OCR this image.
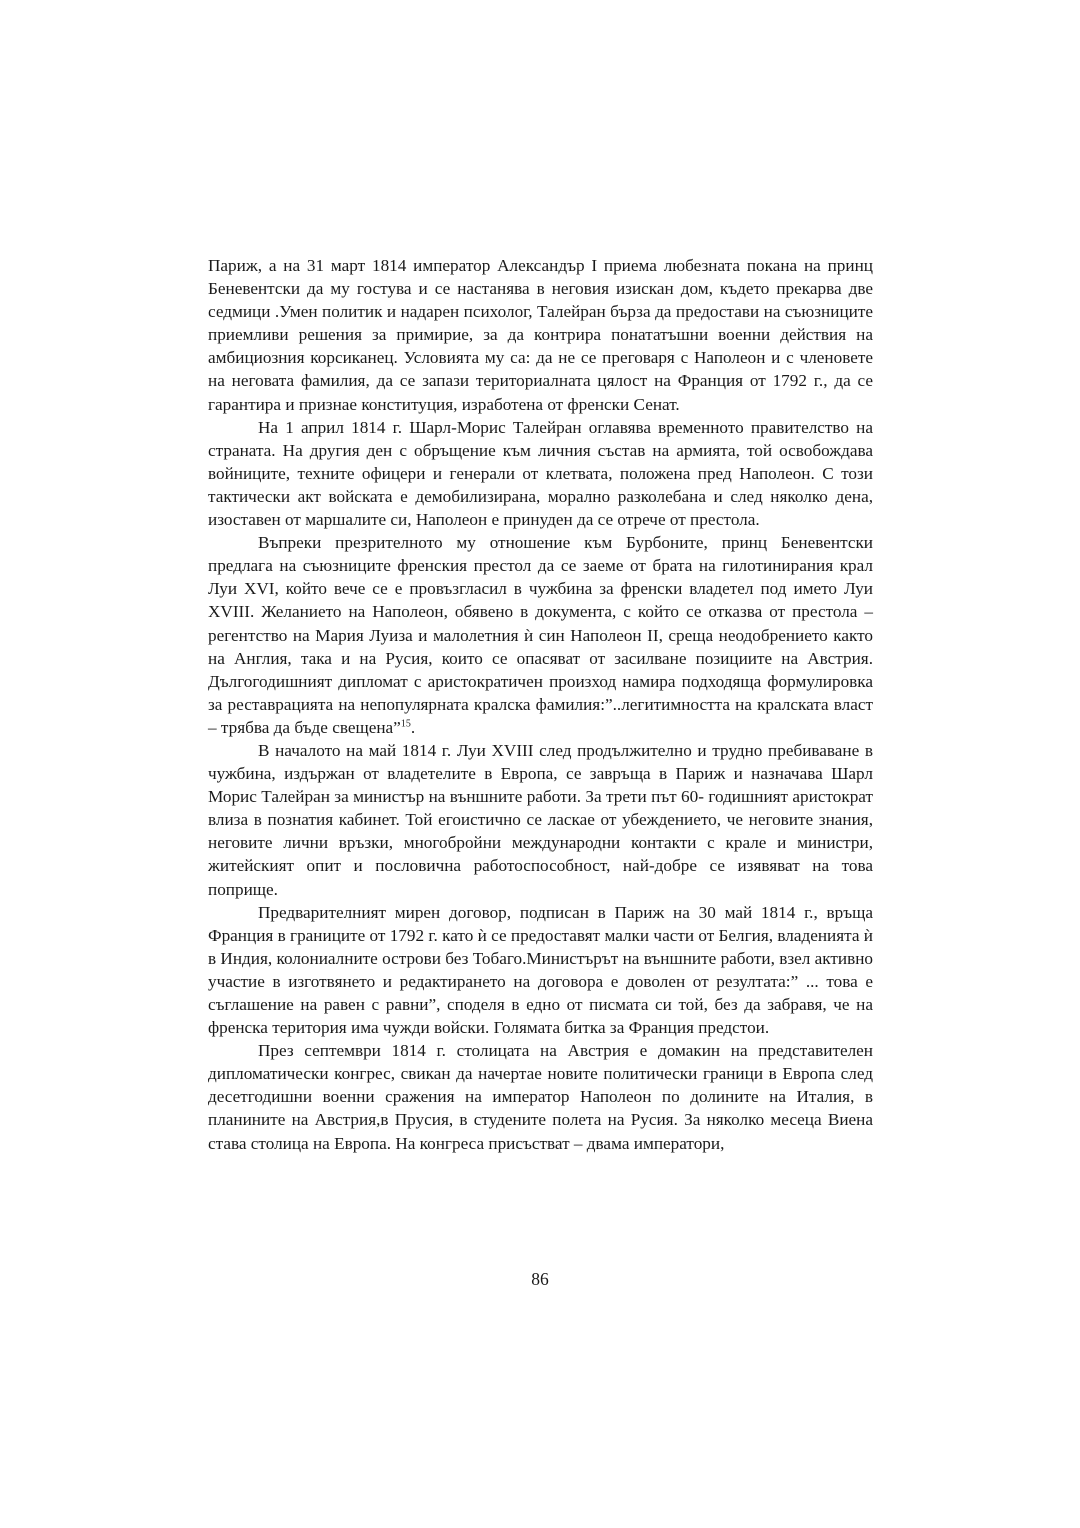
Париж, а на 31 март 1814 император Александър I приема любезната покана на принц Беневентски да му гостува и се настанява в неговия изискан дом, където прекарва две седмици .Умен политик и надарен психолог, Талейран бърза да предостави на съюзниците приемливи решения за примирие, за да контрира понататъшни военни действия на амбициозния корсиканец. Условията му са: да не се преговаря с Наполеон и с членовете на неговата фамилия, да се запази териториалната цялост на Франция от 1792 г., да се гарантира и признае конституция, изработена от френски Сенат.

На 1 април 1814 г. Шарл-Морис Талейран оглавява временното правителство на страната. На другия ден с обръщение към личния състав на армията, той освобождава войниците, техните офицери и генерали от клетвата, положена пред Наполеон. С този тактически акт войската е демобилизирана, морално разколебана и след няколко дена, изоставен от маршалите си, Наполеон е принуден да се отрече от престола.

Въпреки презрителното му отношение към Бурбоните, принц Беневентски предлага на съюзниците френския престол да се заеме от брата на гилотинирания крал Луи XVI, който вече се е провъзгласил в чужбина за френски владетел под името Луи XVIII. Желанието на Наполеон, обявено в документа, с който се отказва от престола – регентство на Мария Луиза и малолетния ѝ син Наполеон II, среща неодобрението както на Англия, така и на Русия, които се опасяват от засилване позициите на Австрия. Дългогодишният дипломат с аристократичен произход намира подходяща формулировка за реставрацията на непопулярната кралска фамилия:”..легитимността на кралската власт – трябва да бъде свещена”$^{15}$.

В началото на май 1814 г. Луи XVIII след продължително и трудно пребиваване в чужбина, издържан от владетелите в Европа, се завръща в Париж и назначава Шарл Морис Талейран за министър на външните работи. За трети път 60- годишният аристократ влиза в познатия кабинет. Той егоистично се ласкае от убеждението, че неговите знания, неговите лични връзки, многобройни международни контакти с крале и министри, житейският опит и пословична работоспособност, най-добре се изявяват на това поприще.

Предварителният мирен договор, подписан в Париж на 30 май 1814 г., връща Франция в границите от 1792 г. като ѝ се предоставят малки части от Белгия, владенията ѝ в Индия, колониалните острови без Тобаго.Министърът на външните работи, взел активно участие в изготвянето и редактирането на договора е доволен от резултата:” ... това е съглашение на равен с равни”, споделя в едно от писмата си той, без да забравя, че на френска територия има чужди войски. Голямата битка за Франция предстои.

През септември 1814 г. столицата на Австрия е домакин на представителен дипломатически конгрес, свикан да начертае новите политически граници в Европа след десетгодишни военни сражения на император Наполеон по долините на Италия, в планините на Австрия,в Прусия, в студените полета на Русия. За няколко месеца Виена става столица на Европа. На конгреса присъстват – двама императори,

86
